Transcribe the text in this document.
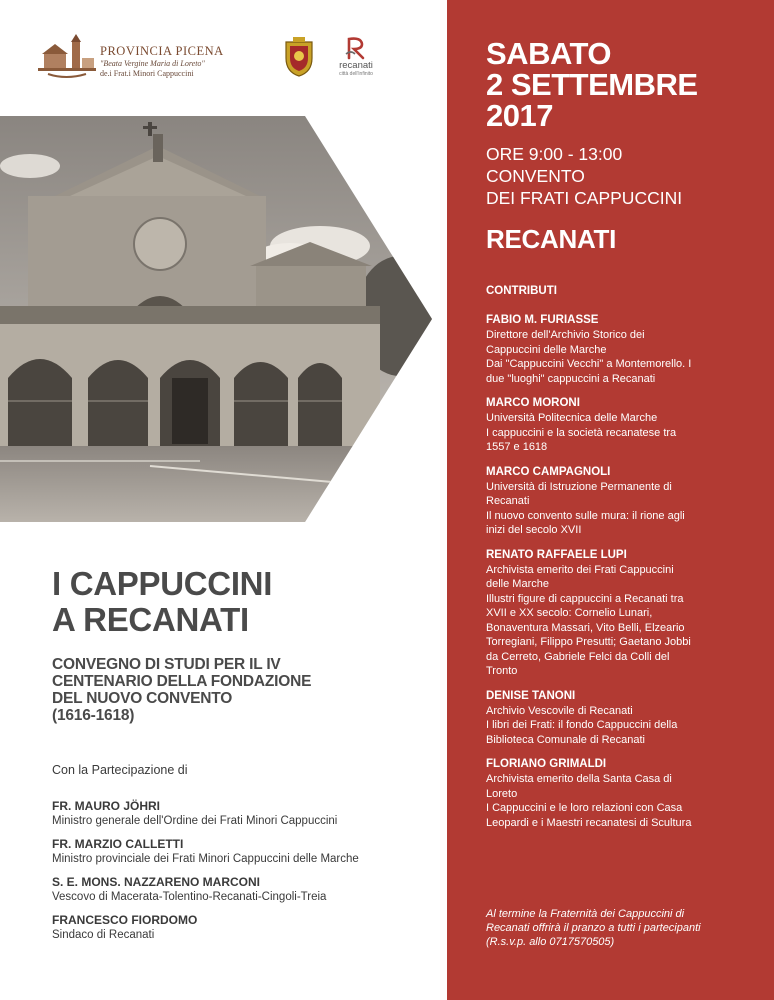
PROVINCIA PICENA
"Beata Vergine Maria di Loreto"
de.i Frat.i Minori Cappuccini
recanati
città dell'infinito
I CAPPUCCINI
A RECANATI
CONVEGNO DI STUDI PER IL IV
CENTENARIO DELLA FONDAZIONE
DEL NUOVO CONVENTO
(1616-1618)
Con la Partecipazione di
FR. MAURO JÖHRI
Ministro generale dell'Ordine dei Frati Minori Cappuccini
FR. MARZIO CALLETTI
Ministro provinciale dei Frati Minori Cappuccini delle Marche
S. E. MONS. NAZZARENO MARCONI
Vescovo di Macerata-Tolentino-Recanati-Cingoli-Treia
FRANCESCO FIORDOMO
Sindaco di Recanati
SABATO
2 SETTEMBRE
2017
ORE 9:00 - 13:00
CONVENTO
DEI FRATI CAPPUCCINI
RECANATI
CONTRIBUTI
FABIO M. FURIASSE
Direttore dell'Archivio Storico dei
Cappuccini delle Marche
Dai "Cappuccini Vecchi" a Montemorello. I
due "luoghi" cappuccini a Recanati
MARCO MORONI
Università Politecnica delle Marche
I cappuccini e la società recanatese tra
1557 e 1618
MARCO CAMPAGNOLI
Università di Istruzione Permanente di
Recanati
Il nuovo convento sulle mura: il rione agli
inizi del secolo XVII
RENATO RAFFAELE LUPI
Archivista emerito dei Frati Cappuccini
delle Marche
Illustri figure di cappuccini a Recanati tra
XVII e XX secolo: Cornelio Lunari,
Bonaventura Massari, Vito Belli, Elzeario
Torregiani, Filippo Presutti; Gaetano Jobbi
da Cerreto, Gabriele Felci da Colli del
Tronto
DENISE TANONI
Archivio Vescovile di Recanati
I libri dei Frati: il fondo Cappuccini della
Biblioteca Comunale di Recanati
FLORIANO GRIMALDI
Archivista emerito della Santa Casa di
Loreto
I Cappuccini e le loro relazioni con Casa
Leopardi e i Maestri recanatesi di Scultura
Al termine la Fraternità dei Cappuccini di
Recanati offrirà il pranzo a tutti i partecipanti
(R.s.v.p. allo 0717570505)
